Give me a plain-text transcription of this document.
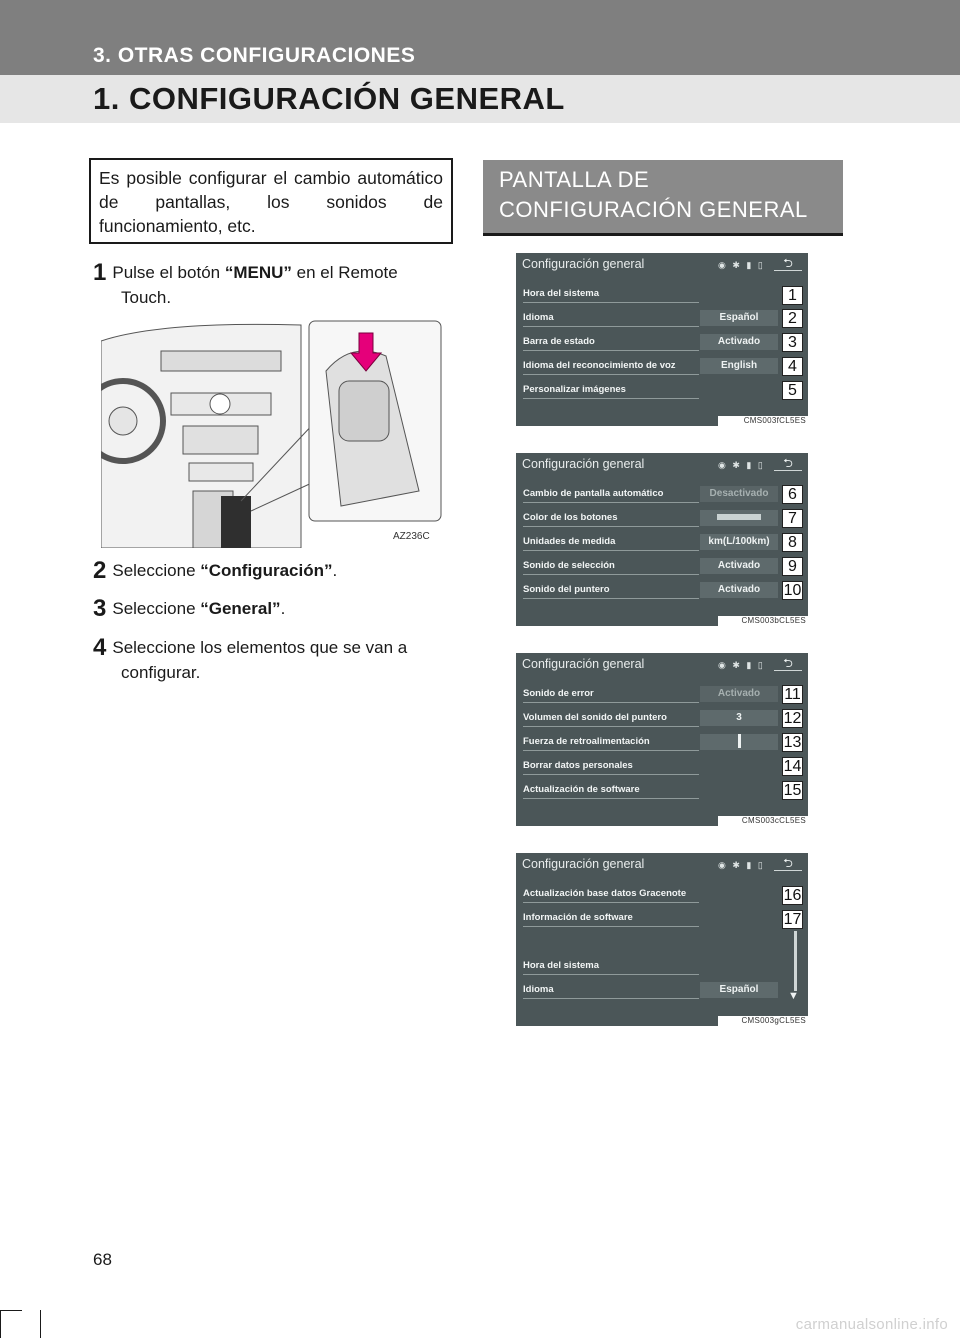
3. OTRAS CONFIGURACIONES
1. CONFIGURACIÓN GENERAL
Es posible configurar el cambio automático de pantallas, los sonidos de funcionamiento, etc.
1 Pulse el botón “MENU” en el Remote
Touch.
AZ236C
2 Seleccione “Configuración”.
3 Seleccione “General”.
4 Seleccione los elementos que se van a
configurar.
PANTALLA DE
CONFIGURACIÓN GENERAL
Configuración general	◉ ✱ ▮ ▯	⮌
Hora del sistema	1
Idioma	Español	2
Barra de estado	Activado	3
Idioma del reconocimiento de voz	English	4
Personalizar imágenes	5
CMS003fCL5ES
Configuración general	◉ ✱ ▮ ▯	⮌
Cambio de pantalla automático	Desactivado	6
Color de los botones	7
Unidades de medida	km(L/100km)	8
Sonido de selección	Activado	9
Sonido del puntero	Activado	10
CMS003bCL5ES
Configuración general	◉ ✱ ▮ ▯	⮌
Sonido de error	Activado	11
Volumen del sonido del puntero	3	12
Fuerza de retroalimentación	13
Borrar datos personales	14
Actualización de software	15
CMS003cCL5ES
Configuración general	◉ ✱ ▮ ▯	⮌
Actualización base datos Gracenote	16
Información de software	17
Hora del sistema
Idioma	Español
▼
CMS003gCL5ES
68
carmanualsonline.info
